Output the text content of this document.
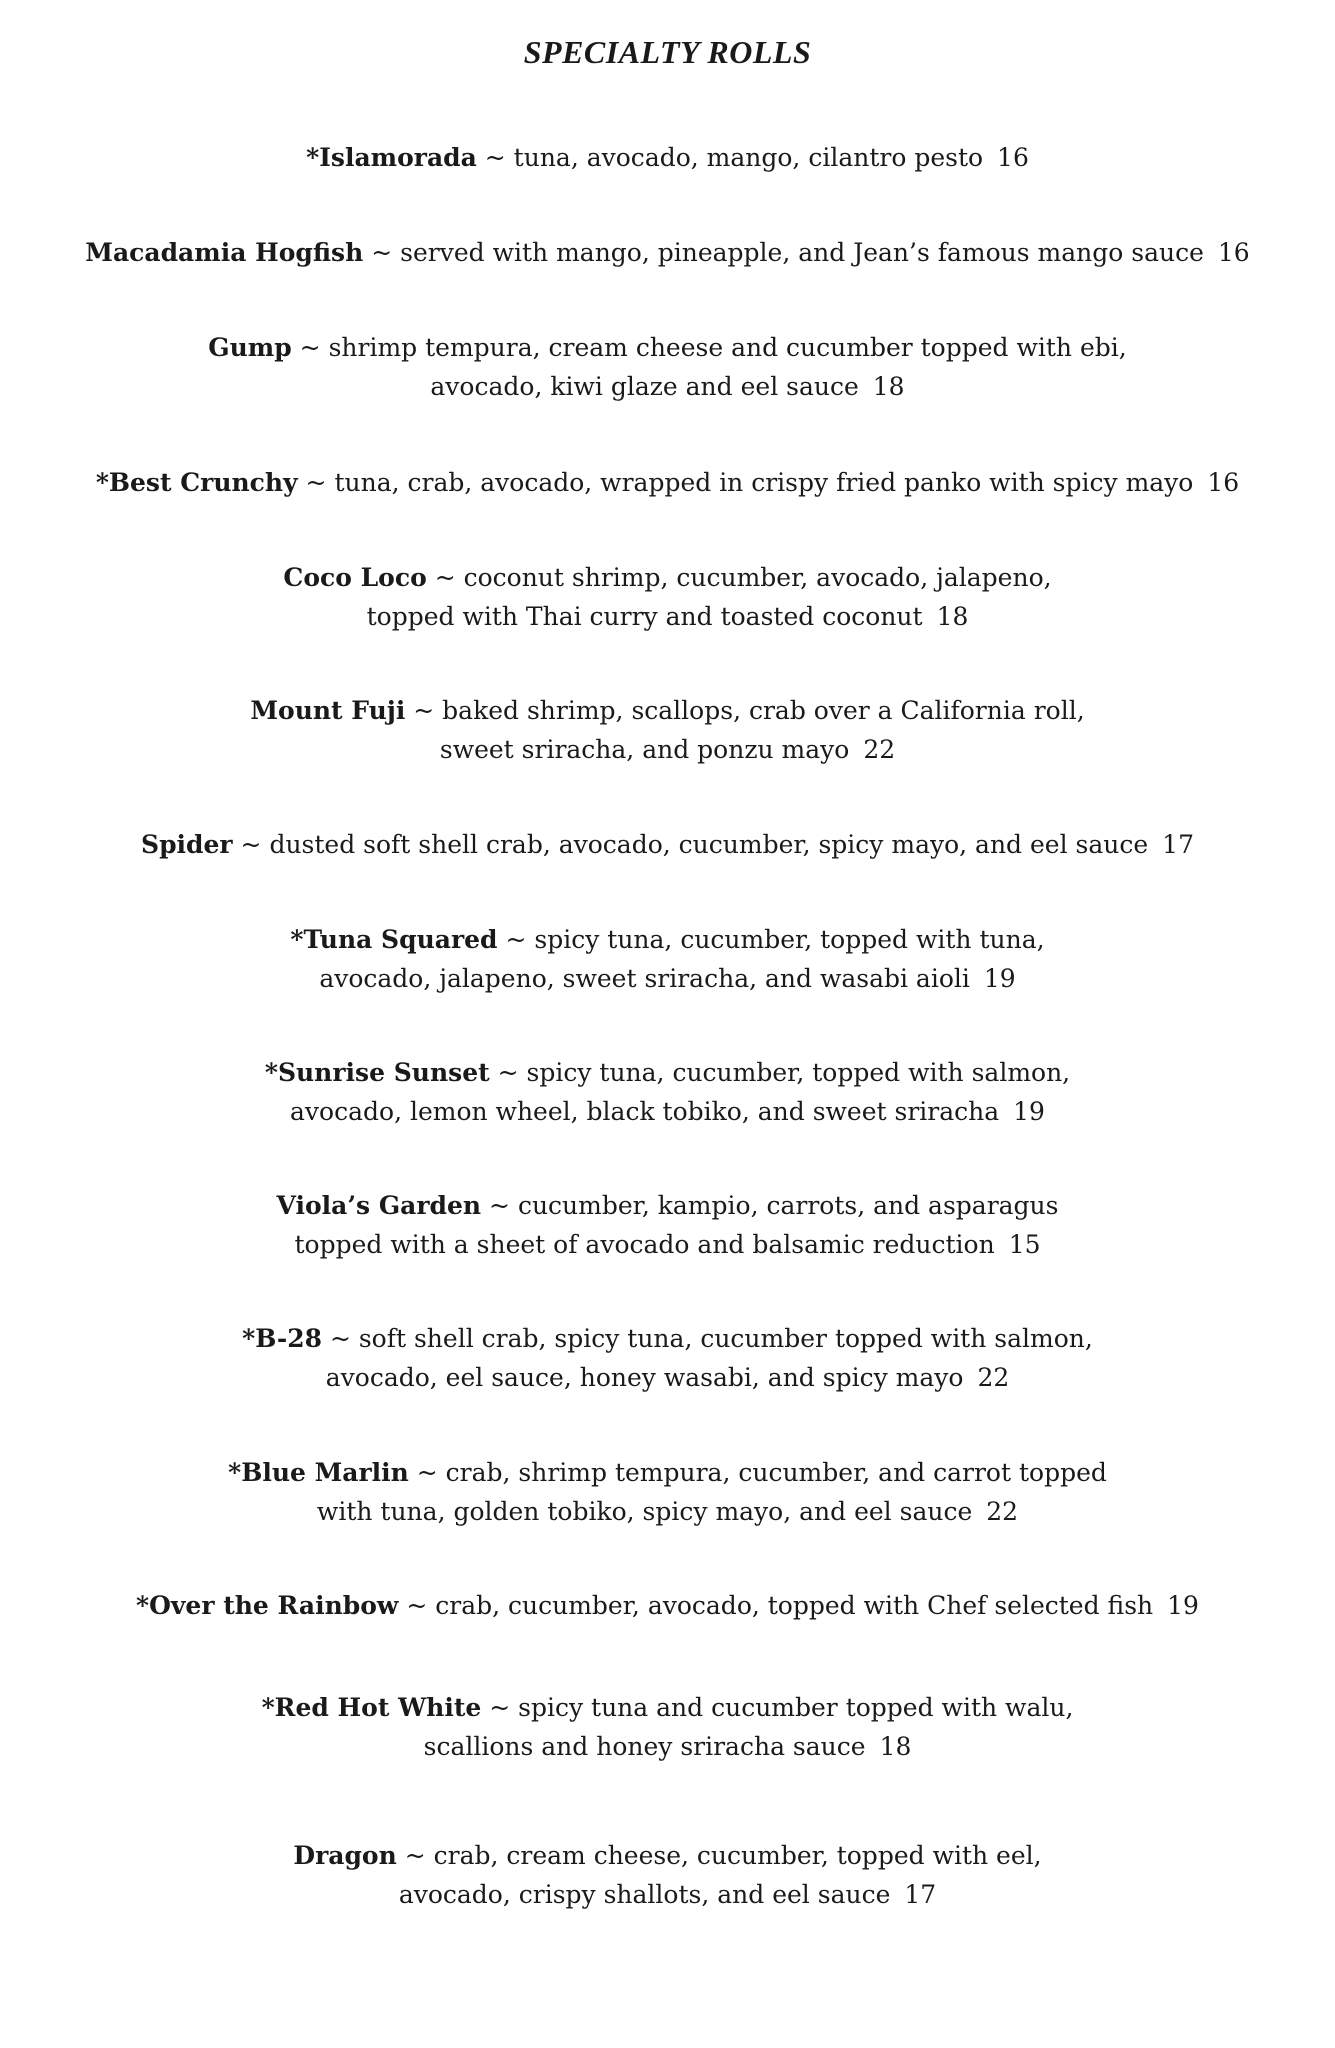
SPECIALTY ROLLS
*Islamorada ~ tuna, avocado, mango, cilantro pesto 16
Macadamia Hogfish ~ served with mango, pineapple, and Jean’s famous mango sauce 16
Gump ~ shrimp tempura, cream cheese and cucumber topped with ebi,
avocado, kiwi glaze and eel sauce 18
*Best Crunchy ~ tuna, crab, avocado, wrapped in crispy fried panko with spicy mayo 16
Coco Loco ~ coconut shrimp, cucumber, avocado, jalapeno,
topped with Thai curry and toasted coconut 18
Mount Fuji ~ baked shrimp, scallops, crab over a California roll,
sweet sriracha, and ponzu mayo 22
Spider ~ dusted soft shell crab, avocado, cucumber, spicy mayo, and eel sauce 17
*Tuna Squared ~ spicy tuna, cucumber, topped with tuna,
avocado, jalapeno, sweet sriracha, and wasabi aioli 19
*Sunrise Sunset ~ spicy tuna, cucumber, topped with salmon,
avocado, lemon wheel, black tobiko, and sweet sriracha 19
Viola’s Garden ~ cucumber, kampio, carrots, and asparagus
topped with a sheet of avocado and balsamic reduction 15
*B-28 ~ soft shell crab, spicy tuna, cucumber topped with salmon,
avocado, eel sauce, honey wasabi, and spicy mayo 22
*Blue Marlin ~ crab, shrimp tempura, cucumber, and carrot topped
with tuna, golden tobiko, spicy mayo, and eel sauce 22
*Over the Rainbow ~ crab, cucumber, avocado, topped with Chef selected fish 19
*Red Hot White ~ spicy tuna and cucumber topped with walu,
scallions and honey sriracha sauce 18
Dragon ~ crab, cream cheese, cucumber, topped with eel,
avocado, crispy shallots, and eel sauce 17
